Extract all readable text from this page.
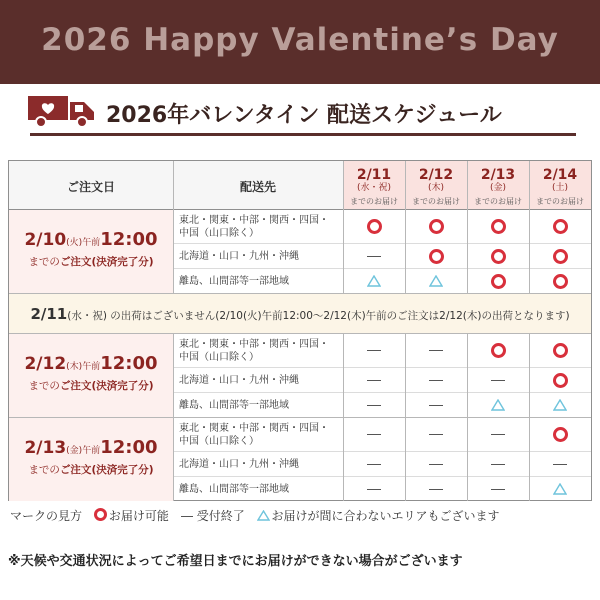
2026 Happy Valentine’s Day
2026年バレンタイン 配送スケジュール
ご注文日	配送先
2/11
(水・祝)
までのお届け
2/12
(木)
までのお届け
2/13
(金)
までのお届け
2/14
(土)
までのお届け
2/10(火)午前12:00
までのご注文(決済完了分)
2/12(木)午前12:00
までのご注文(決済完了分)
2/13(金)午前12:00
までのご注文(決済完了分)
東北・関東・中部・関西・四国・
中国（山口除く）
北海道・山口・九州・沖縄
離島、山間部等一部地域
東北・関東・中部・関西・四国・
中国（山口除く）
北海道・山口・九州・沖縄
離島、山間部等一部地域
東北・関東・中部・関西・四国・
中国（山口除く）
北海道・山口・九州・沖縄
離島、山間部等一部地域
2/11(水・祝) の出荷はございません(2/10(火)午前12:00〜2/12(木)午前のご注文は2/12(木)の出荷となります)
マークの見方 お届け可能 受付終了 お届けが間に合わないエリアもございます
※天候や交通状況によってご希望日までにお届けができない場合がございます
